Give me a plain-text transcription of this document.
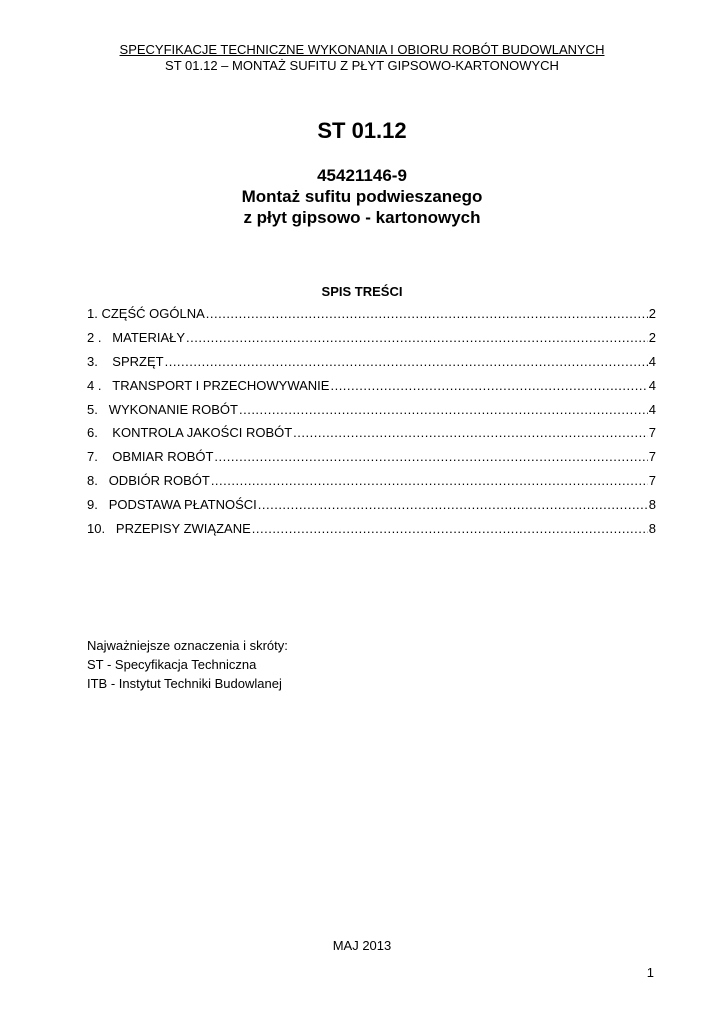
SPECYFIKACJE TECHNICZNE WYKONANIA I OBIORU ROBÓT BUDOWLANYCH
ST 01.12 – MONTAŻ SUFITU Z PŁYT GIPSOWO-KARTONOWYCH
ST 01.12
45421146-9
Montaż sufitu podwieszanego
z płyt gipsowo - kartonowych
SPIS TREŚCI
1. CZĘŚĆ OGÓLNA .....	2
2 . MATERIAŁY .....	2
3. SPRZĘT .....	4
4 . TRANSPORT I PRZECHOWYWANIE .....	4
5. WYKONANIE ROBÓT .....	4
6. KONTROLA JAKOŚCI ROBÓT .....	7
7. OBMIAR ROBÓT .....	7
8. ODBIÓR ROBÓT .....	7
9. PODSTAWA PŁATNOŚCI .....	8
10. PRZEPISY ZWIĄZANE .....	8
Najważniejsze oznaczenia i skróty:
ST - Specyfikacja Techniczna
ITB - Instytut Techniki Budowlanej
MAJ 2013
1
